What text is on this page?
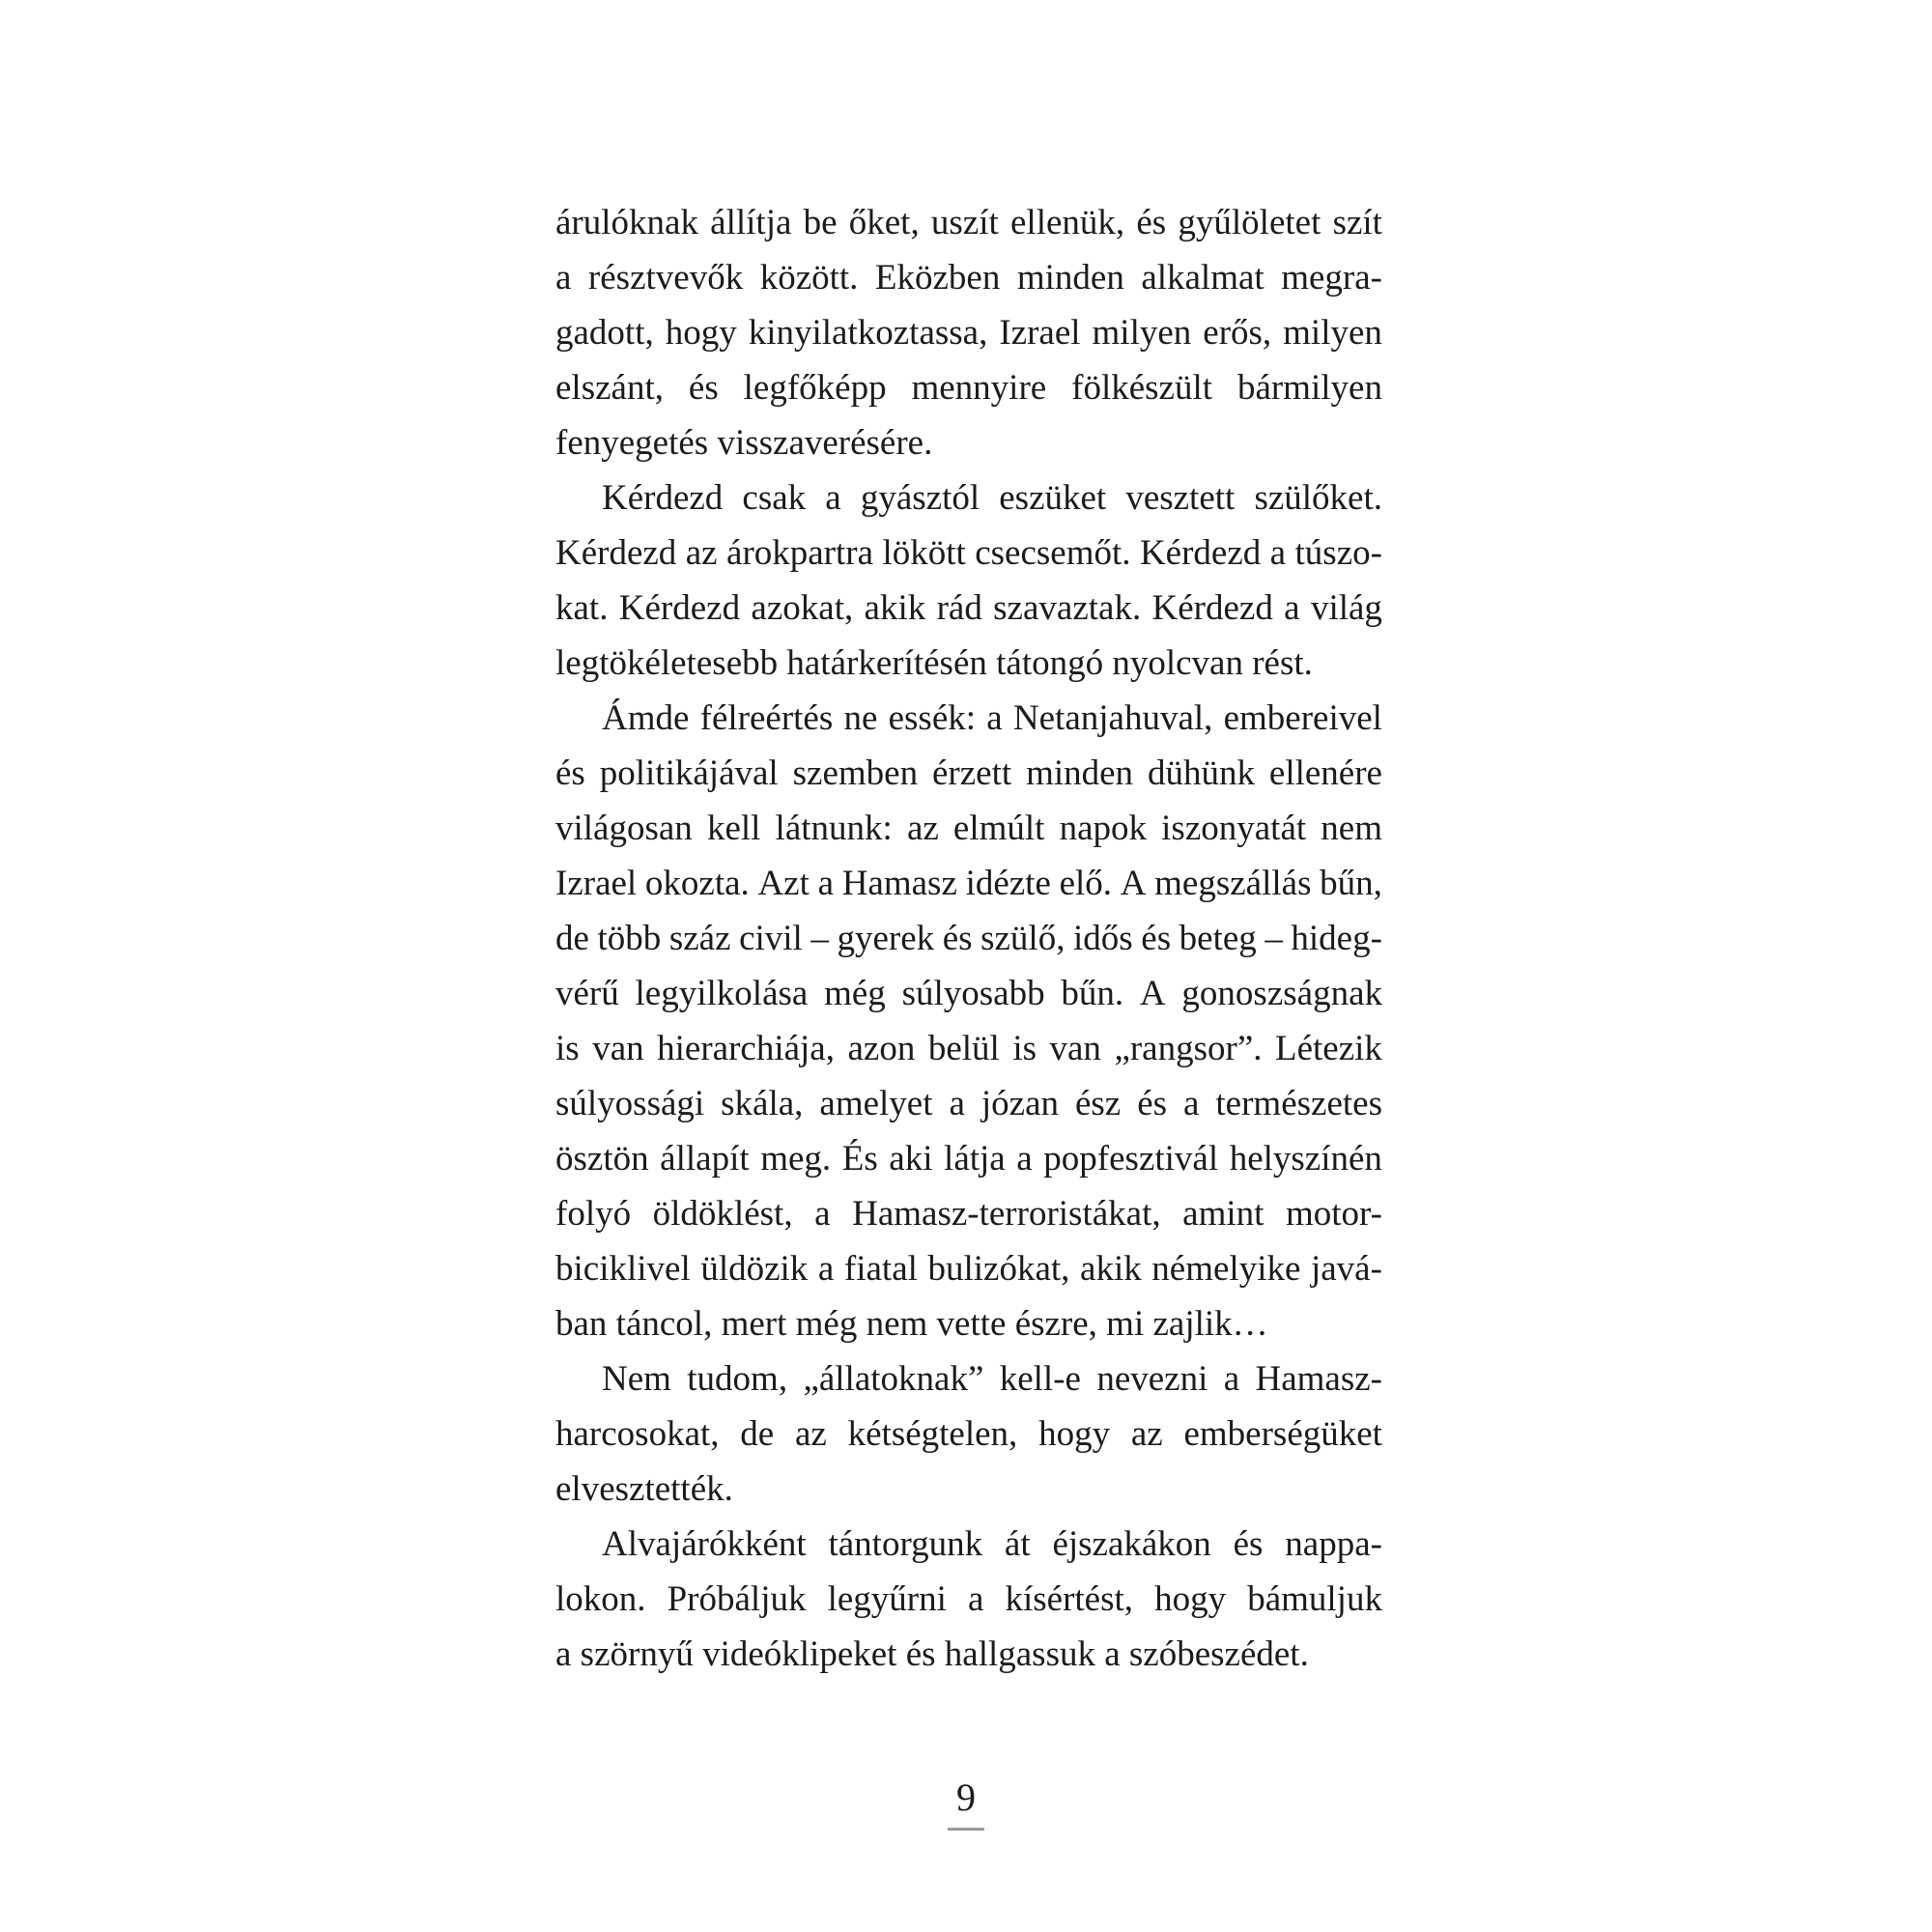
árulóknak állítja be őket, uszít ellenük, és gyűlöletet szít
a résztvevők között. Eközben minden alkalmat megra-
gadott, hogy kinyilatkoztassa, Izrael milyen erős, milyen
elszánt, és legfőképp mennyire fölkészült bármilyen
fenyegetés visszaverésére.
Kérdezd csak a gyásztól eszüket vesztett szülőket.
Kérdezd az árokpartra lökött csecsemőt. Kérdezd a túszo-
kat. Kérdezd azokat, akik rád szavaztak. Kérdezd a világ
legtökéletesebb határkerítésén tátongó nyolcvan rést.
Ámde félreértés ne essék: a Netanjahuval, embereivel
és politikájával szemben érzett minden dühünk ellenére
világosan kell látnunk: az elmúlt napok iszonyatát nem
Izrael okozta. Azt a Hamasz idézte elő. A megszállás bűn,
de több száz civil – gyerek és szülő, idős és beteg – hideg-
vérű legyilkolása még súlyosabb bűn. A gonoszságnak
is van hierarchiája, azon belül is van „rangsor”. Létezik
súlyossági skála, amelyet a józan ész és a természetes
ösztön állapít meg. És aki látja a popfesztivál helyszínén
folyó öldöklést, a Hamasz-terroristákat, amint motor-
biciklivel üldözik a fiatal bulizókat, akik némelyike javá-
ban táncol, mert még nem vette észre, mi zajlik…
Nem tudom, „állatoknak” kell-e nevezni a Hamasz-
harcosokat, de az kétségtelen, hogy az emberségüket
elvesztették.
Alvajárókként tántorgunk át éjszakákon és nappa-
lokon. Próbáljuk legyűrni a kísértést, hogy bámuljuk
a szörnyű videóklipeket és hallgassuk a szóbeszédet.
9
